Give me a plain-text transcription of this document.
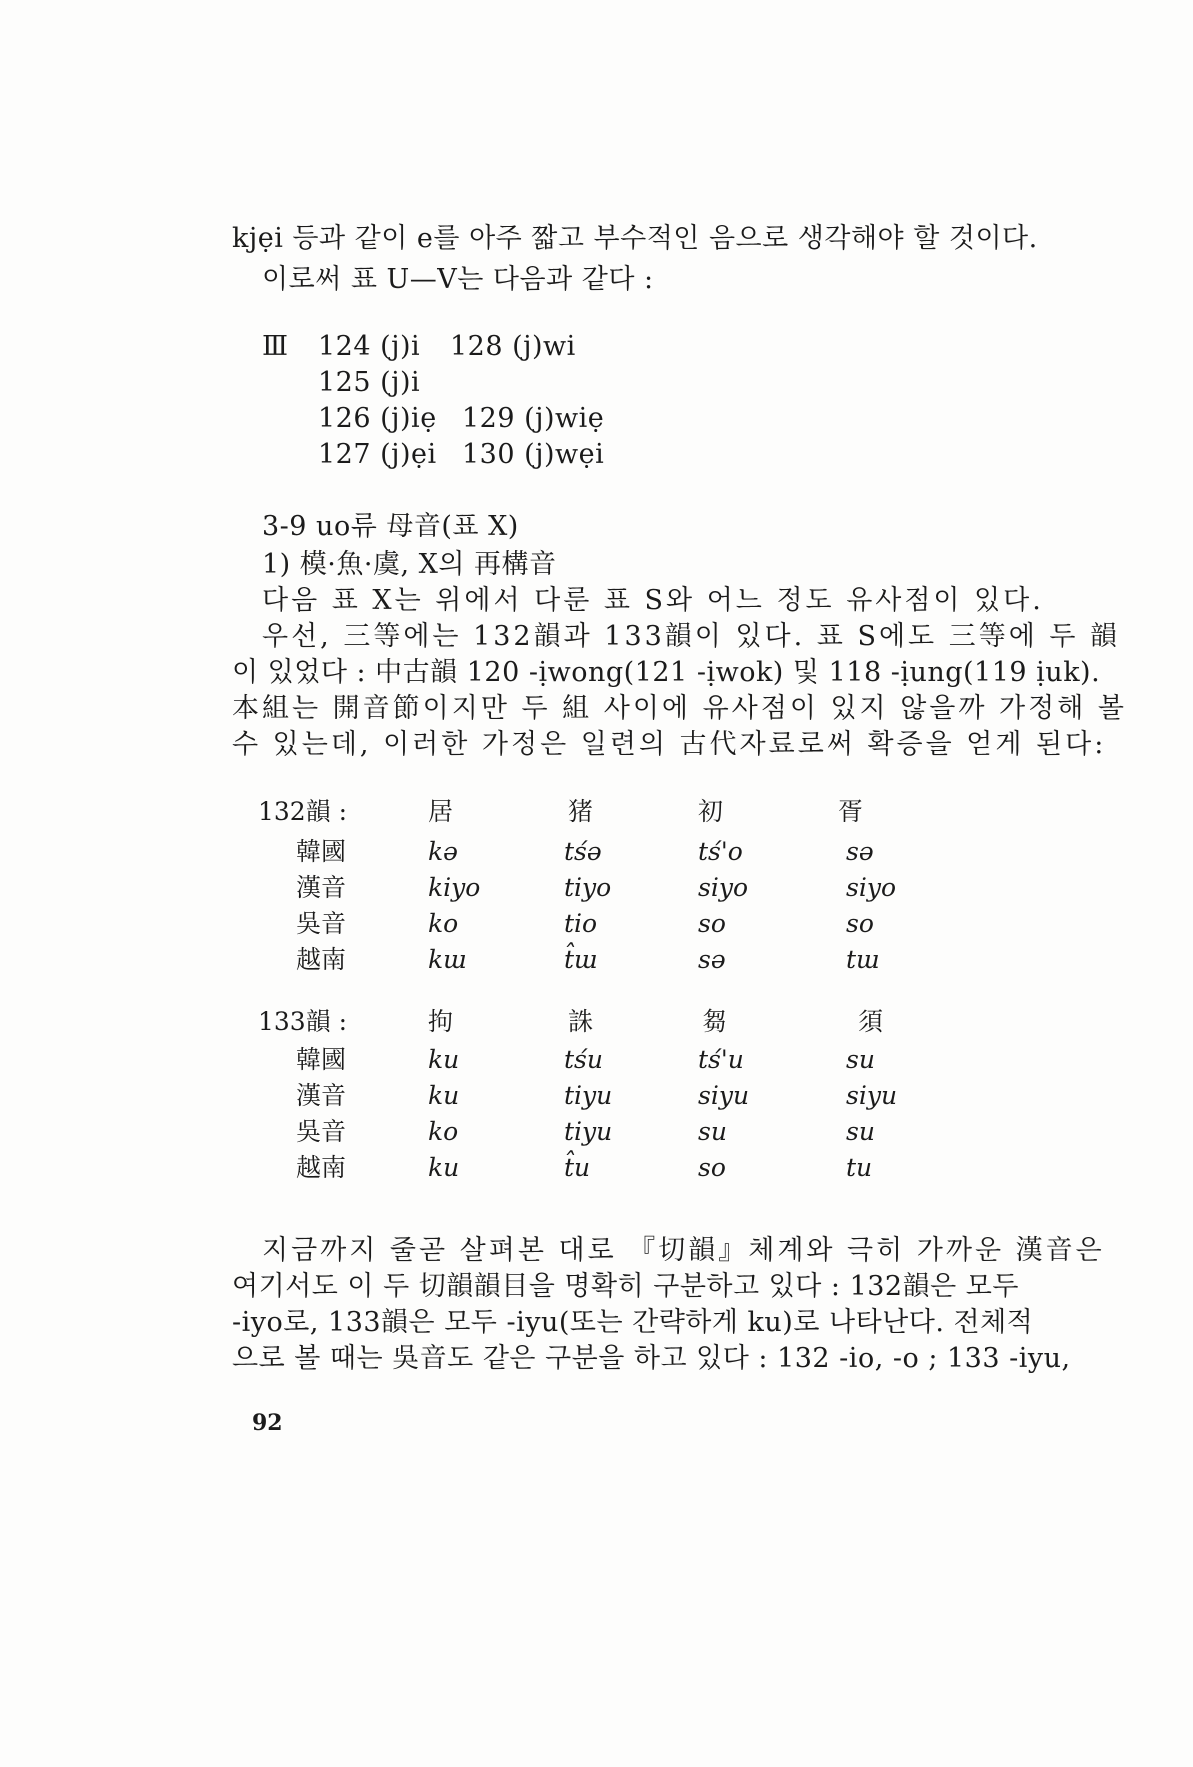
kjẹi 등과 같이 e를 아주 짧고 부수적인 음으로 생각해야 할 것이다.
이로써 표 U—V는 다음과 같다 :
Ⅲ 124 (j)i 128 (j)wi
125 (j)i
126 (j)iẹ 129 (j)wiẹ
127 (j)ẹi 130 (j)wẹi
3-9 uo류 母音(표 X)
1) 模·魚·虞, X의 再構音
다음 표 X는 위에서 다룬 표 S와 어느 정도 유사점이 있다.
우선, 三等에는 132韻과 133韻이 있다. 표 S에도 三等에 두 韻
이 있었다 : 中古韻 120 -ịwong(121 -ịwok) 및 118 -ịung(119 ịuk).
本組는 開音節이지만 두 組 사이에 유사점이 있지 않을까 가정해 볼
수 있는데, 이러한 가정은 일련의 古代자료로써 확증을 얻게 된다:
132韻 :	居	猪	初	胥
韓國	kə	tśə	tś'o	sə
漢音	kiyo	tiyo	siyo	siyo
吳音	ko	tio	so	so
越南	kɯ	t̂ɯ	sə	tɯ
133韻 :	拘	誅	芻	須
韓國	ku	tśu	tś'u	su
漢音	ku	tiyu	siyu	siyu
吳音	ko	tiyu	su	su
越南	ku	t̂u	so	tu
지금까지 줄곧 살펴본 대로 『切韻』체계와 극히 가까운 漢音은
여기서도 이 두 切韻韻目을 명확히 구분하고 있다 : 132韻은 모두
-iyo로, 133韻은 모두 -iyu(또는 간략하게 ku)로 나타난다. 전체적
으로 볼 때는 吳音도 같은 구분을 하고 있다 : 132 -io, -o ; 133 -iyu,
92
